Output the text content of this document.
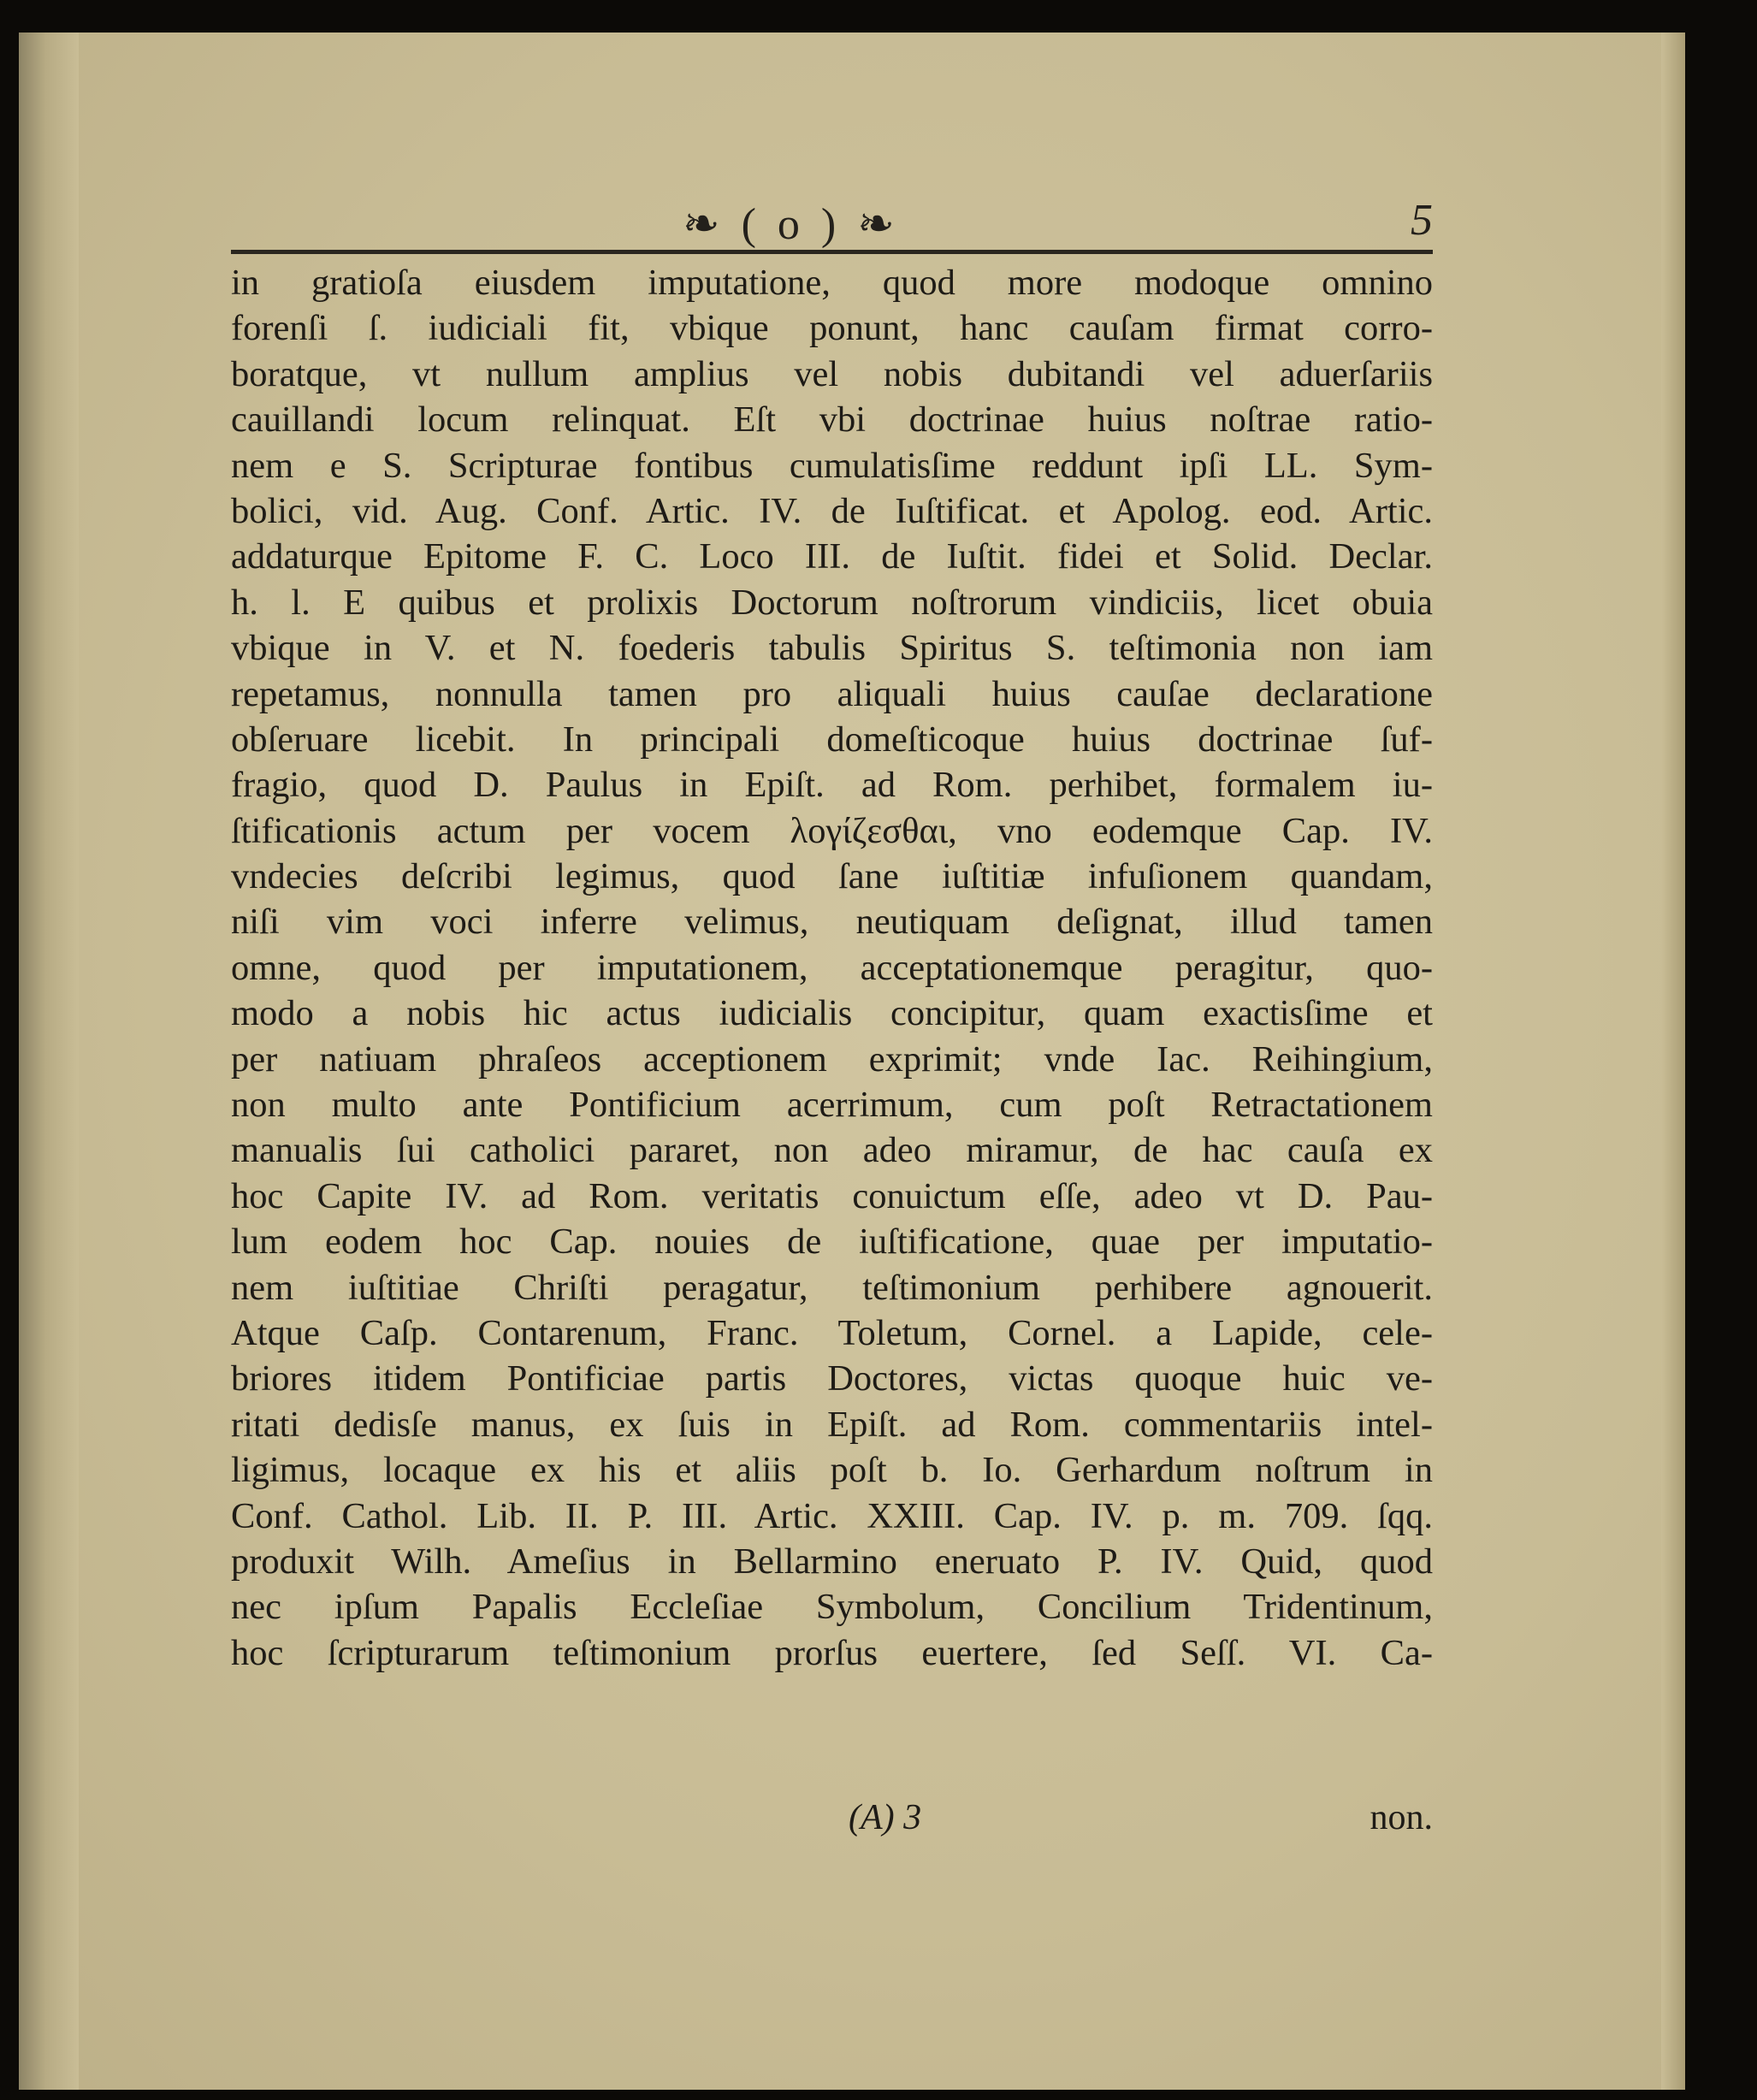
❧ ( o ) ❧	5
in gratioſa eiusdem imputatione, quod more modoque omnino
forenſi ſ. iudiciali fit, vbique ponunt, hanc cauſam firmat corro-
boratque, vt nullum amplius vel nobis dubitandi vel aduerſariis
cauillandi locum relinquat. Eſt vbi doctrinae huius noſtrae ratio-
nem e S. Scripturae fontibus cumulatisſime reddunt ipſi LL. Sym-
bolici, vid. Aug. Conf. Artic. IV. de Iuſtificat. et Apolog. eod. Artic.
addaturque Epitome F. C. Loco III. de Iuſtit. fidei et Solid. Declar.
h. l. E quibus et prolixis Doctorum noſtrorum vindiciis, licet obuia
vbique in V. et N. foederis tabulis Spiritus S. teſtimonia non iam
repetamus, nonnulla tamen pro aliquali huius cauſae declaratione
obſeruare licebit. In principali domeſticoque huius doctrinae ſuf-
fragio, quod D. Paulus in Epiſt. ad Rom. perhibet, formalem iu-
ſtificationis actum per vocem λογίζεσθαι, vno eodemque Cap. IV.
vndecies deſcribi legimus, quod ſane iuſtitiæ infuſionem quandam,
niſi vim voci inferre velimus, neutiquam deſignat, illud tamen
omne, quod per imputationem, acceptationemque peragitur, quo-
modo a nobis hic actus iudicialis concipitur, quam exactisſime et
per natiuam phraſeos acceptionem exprimit; vnde Iac. Reihingium,
non multo ante Pontificium acerrimum, cum poſt Retractationem
manualis ſui catholici pararet, non adeo miramur, de hac cauſa ex
hoc Capite IV. ad Rom. veritatis conuictum eſſe, adeo vt D. Pau-
lum eodem hoc Cap. nouies de iuſtificatione, quae per imputatio-
nem iuſtitiae Chriſti peragatur, teſtimonium perhibere agnouerit.
Atque Caſp. Contarenum, Franc. Toletum, Cornel. a Lapide, cele-
briores itidem Pontificiae partis Doctores, victas quoque huic ve-
ritati dedisſe manus, ex ſuis in Epiſt. ad Rom. commentariis intel-
ligimus, locaque ex his et aliis poſt b. Io. Gerhardum noſtrum in
Conf. Cathol. Lib. II. P. III. Artic. XXIII. Cap. IV. p. m. 709. ſqq.
produxit Wilh. Ameſius in Bellarmino eneruato P. IV. Quid, quod
nec ipſum Papalis Eccleſiae Symbolum, Concilium Tridentinum,
hoc ſcripturarum teſtimonium prorſus euertere, ſed Seſſ. VI. Ca-
(A) 3	non.
